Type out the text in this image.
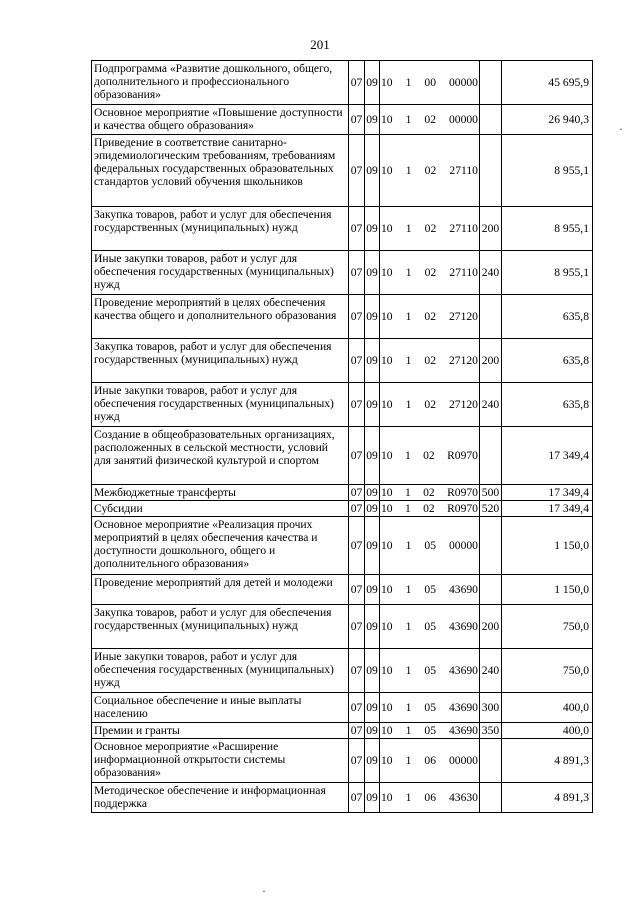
201
Подпрограмма «Развитие дошкольного, общего, дополнительного и профессионального образования»	07	09	10 1 00 00000		45 695,9
Основное мероприятие «Повышение доступности и качества общего образования»	07	09	10 1 02 00000		26 940,3
Приведение в соответствие санитарно-эпидемиологическим требованиям, требованиям федеральных государственных образовательных стандартов условий обучения школьников	07	09	10 1 02 27110		8 955,1
Закупка товаров, работ и услуг для обеспечения государственных (муниципальных) нужд	07	09	10 1 02 27110	200	8 955,1
Иные закупки товаров, работ и услуг для обеспечения государственных (муниципальных) нужд	07	09	10 1 02 27110	240	8 955,1
Проведение мероприятий в целях обеспечения качества общего и дополнительного образования	07	09	10 1 02 27120		635,8
Закупка товаров, работ и услуг для обеспечения государственных (муниципальных) нужд	07	09	10 1 02 27120	200	635,8
Иные закупки товаров, работ и услуг для обеспечения государственных (муниципальных) нужд	07	09	10 1 02 27120	240	635,8
Создание в общеобразовательных организациях, расположенных в сельской местности, условий для занятий физической культурой и спортом	07	09	10 1 02 R0970		17 349,4
Межбюджетные трансферты	07	09	10 1 02 R0970	500	17 349,4
Субсидии	07	09	10 1 02 R0970	520	17 349,4
Основное мероприятие «Реализация прочих мероприятий в целях обеспечения качества и доступности дошкольного, общего и дополнительного образования»	07	09	10 1 05 00000		1 150,0
Проведение мероприятий для детей и молодежи	07	09	10 1 05 43690		1 150,0
Закупка товаров, работ и услуг для обеспечения государственных (муниципальных) нужд	07	09	10 1 05 43690	200	750,0
Иные закупки товаров, работ и услуг для обеспечения государственных (муниципальных) нужд	07	09	10 1 05 43690	240	750,0
Социальное обеспечение и иные выплаты населению	07	09	10 1 05 43690	300	400,0
Премии и гранты	07	09	10 1 05 43690	350	400,0
Основное мероприятие «Расширение информационной открытости системы образования»	07	09	10 1 06 00000		4 891,3
Методическое обеспечение и информационная поддержка	07	09	10 1 06 43630		4 891,3
·
·
